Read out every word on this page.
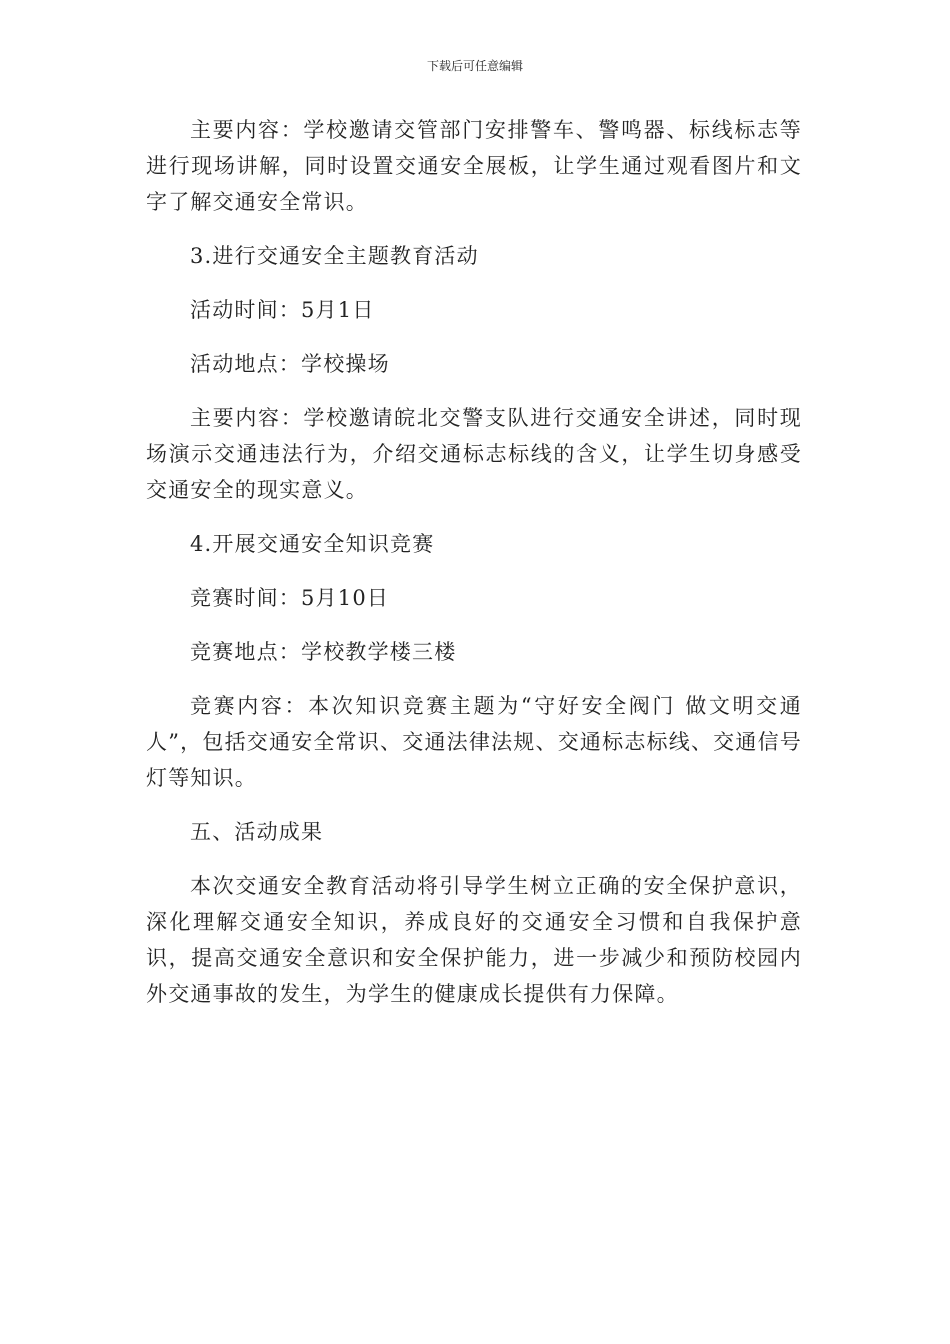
下载后可任意编辑

主要内容：学校邀请交管部门安排警车、警鸣器、标线标志等进行现场讲解，同时设置交通安全展板，让学生通过观看图片和文字了解交通安全常识。

3.进行交通安全主题教育活动

活动时间：5月1日

活动地点：学校操场

主要内容：学校邀请皖北交警支队进行交通安全讲述，同时现场演示交通违法行为，介绍交通标志标线的含义，让学生切身感受交通安全的现实意义。

4.开展交通安全知识竞赛

竞赛时间：5月10日

竞赛地点：学校教学楼三楼

竞赛内容：本次知识竞赛主题为“守好安全阀门 做文明交通人”，包括交通安全常识、交通法律法规、交通标志标线、交通信号灯等知识。

五、活动成果

本次交通安全教育活动将引导学生树立正确的安全保护意识，深化理解交通安全知识，养成良好的交通安全习惯和自我保护意识，提高交通安全意识和安全保护能力，进一步减少和预防校园内外交通事故的发生，为学生的健康成长提供有力保障。
